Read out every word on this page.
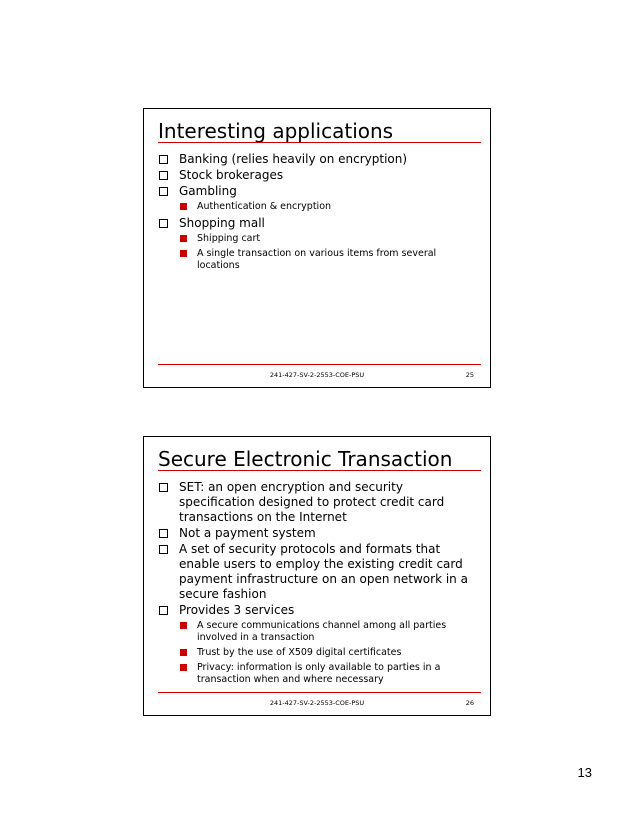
Interesting applications
Banking (relies heavily on encryption)
Stock brokerages
Gambling
Authentication & encryption
Shopping mall
Shipping cart
A single transaction on various items from several locations
241-427-SV-2-2553-COE-PSU	25
Secure Electronic Transaction
SET: an open encryption and security specification designed to protect credit card transactions on the Internet
Not a payment system
A set of security protocols and formats that enable users to employ the existing credit card payment infrastructure on an open network in a secure fashion
Provides 3 services
A secure communications channel among all parties involved in a transaction
Trust by the use of X509 digital certificates
Privacy: information is only available to parties in a transaction when and where necessary
241-427-SV-2-2553-COE-PSU	26
13
